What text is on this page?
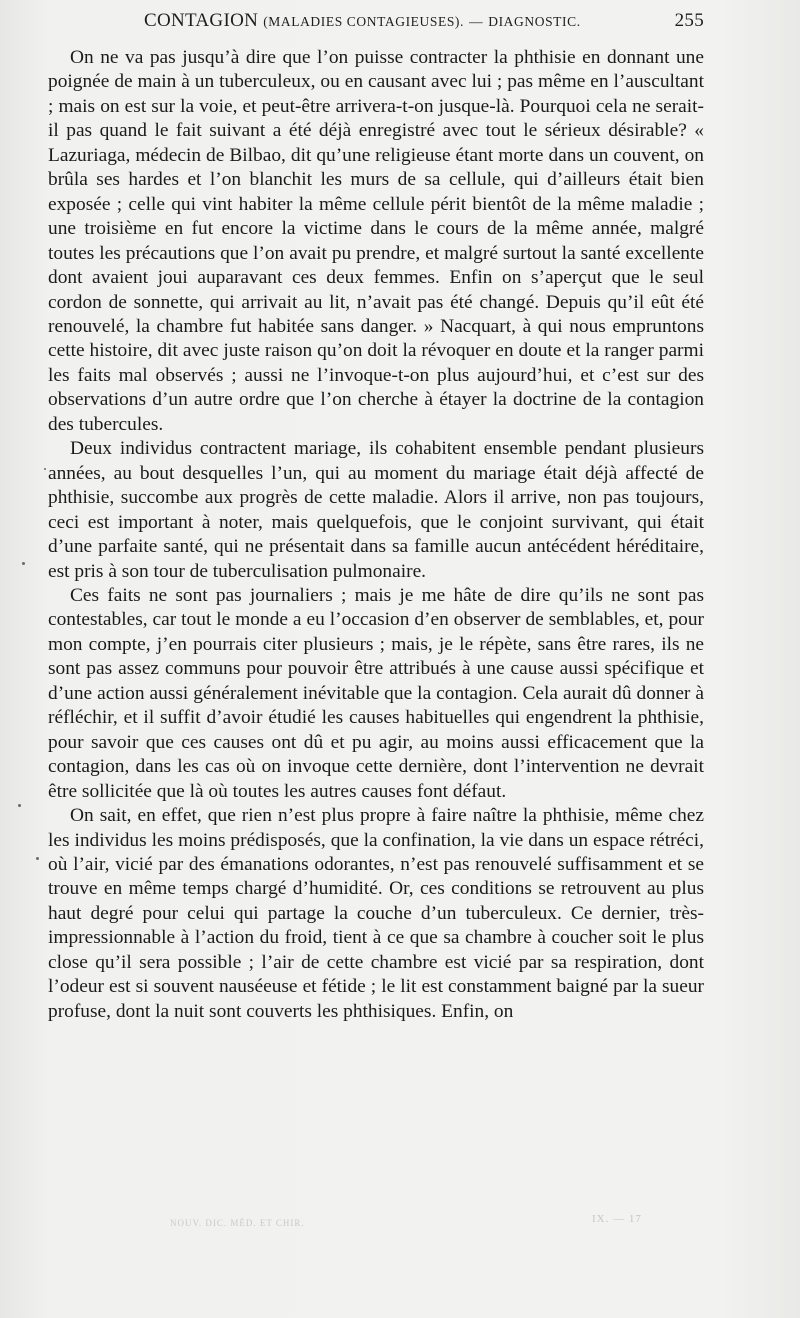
CONTAGION (MALADIES CONTAGIEUSES). — DIAGNOSTIC.	255

On ne va pas jusqu’à dire que l’on puisse contracter la phthisie en donnant une poignée de main à un tuberculeux, ou en causant avec lui ; pas même en l’auscultant ; mais on est sur la voie, et peut-être arrivera-t-on jusque-là. Pourquoi cela ne serait-il pas quand le fait suivant a été déjà enregistré avec tout le sérieux désirable? « Lazuriaga, médecin de Bilbao, dit qu’une religieuse étant morte dans un couvent, on brûla ses hardes et l’on blanchit les murs de sa cellule, qui d’ailleurs était bien exposée ; celle qui vint habiter la même cellule périt bientôt de la même maladie ; une troisième en fut encore la victime dans le cours de la même année, malgré toutes les précautions que l’on avait pu prendre, et malgré surtout la santé excellente dont avaient joui auparavant ces deux femmes. Enfin on s’aperçut que le seul cordon de sonnette, qui arrivait au lit, n’avait pas été changé. Depuis qu’il eût été renouvelé, la chambre fut habitée sans danger. » Nacquart, à qui nous empruntons cette histoire, dit avec juste raison qu’on doit la révoquer en doute et la ranger parmi les faits mal observés ; aussi ne l’invoque-t-on plus aujourd’hui, et c’est sur des observations d’un autre ordre que l’on cherche à étayer la doctrine de la contagion des tubercules.

Deux individus contractent mariage, ils cohabitent ensemble pendant plusieurs années, au bout desquelles l’un, qui au moment du mariage était déjà affecté de phthisie, succombe aux progrès de cette maladie. Alors il arrive, non pas toujours, ceci est important à noter, mais quelquefois, que le conjoint survivant, qui était d’une parfaite santé, qui ne présentait dans sa famille aucun antécédent héréditaire, est pris à son tour de tuberculisation pulmonaire.

Ces faits ne sont pas journaliers ; mais je me hâte de dire qu’ils ne sont pas contestables, car tout le monde a eu l’occasion d’en observer de semblables, et, pour mon compte, j’en pourrais citer plusieurs ; mais, je le répète, sans être rares, ils ne sont pas assez communs pour pouvoir être attribués à une cause aussi spécifique et d’une action aussi généralement inévitable que la contagion. Cela aurait dû donner à réfléchir, et il suffit d’avoir étudié les causes habituelles qui engendrent la phthisie, pour savoir que ces causes ont dû et pu agir, au moins aussi efficacement que la contagion, dans les cas où on invoque cette dernière, dont l’intervention ne devrait être sollicitée que là où toutes les autres causes font défaut.

On sait, en effet, que rien n’est plus propre à faire naître la phthisie, même chez les individus les moins prédisposés, que la confination, la vie dans un espace rétréci, où l’air, vicié par des émanations odorantes, n’est pas renouvelé suffisamment et se trouve en même temps chargé d’humidité. Or, ces conditions se retrouvent au plus haut degré pour celui qui partage la couche d’un tuberculeux. Ce dernier, très-impressionnable à l’action du froid, tient à ce que sa chambre à coucher soit le plus close qu’il sera possible ; l’air de cette chambre est vicié par sa respiration, dont l’odeur est si souvent nauséeuse et fétide ; le lit est constamment baigné par la sueur profuse, dont la nuit sont couverts les phthisiques. Enfin, on

NOUV. DIC. MÉD. ET CHIR.	IX. — 17
